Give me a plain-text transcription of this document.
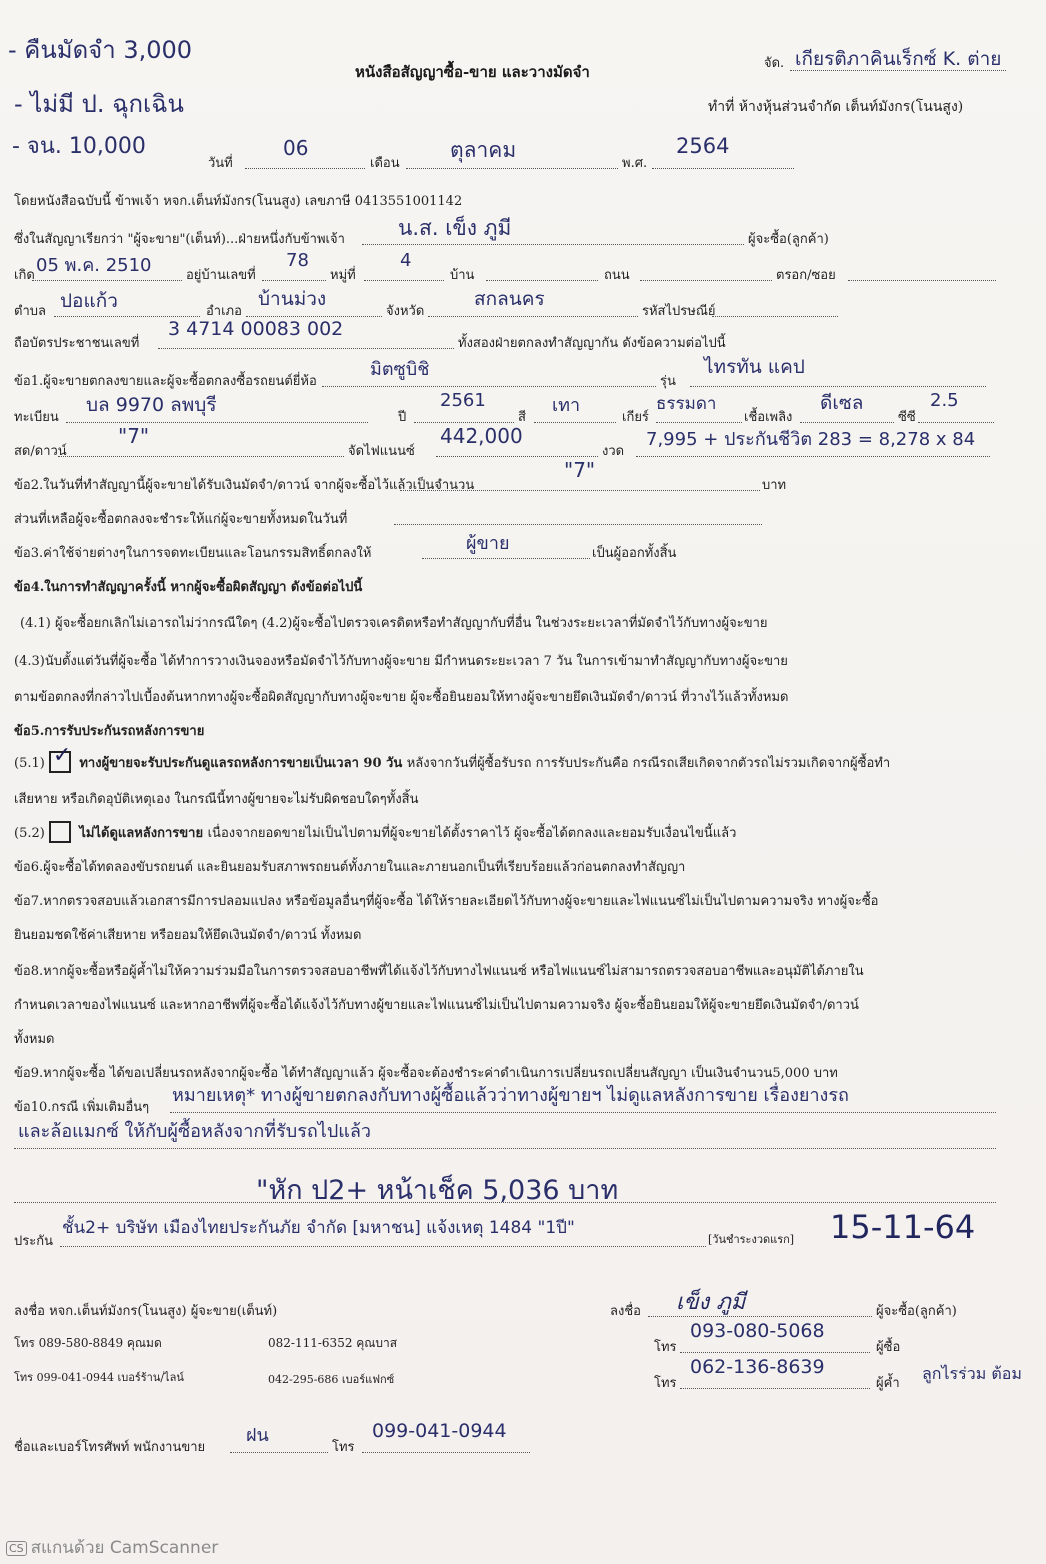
- คืนมัดจำ 3,000
- ไม่มี ป. ฉุกเฉิน
- จน. 10,000
หนังสือสัญญาซื้อ-ขาย และวางมัดจำ	จัด. เกียรติภาคินเร็กซ์ K. ต่าย
ทำที่ ห้างหุ้นส่วนจำกัด เต็นท์มังกร(โนนสูง)
วันที่
06
เดือน
ตุลาคม
พ.ศ.
2564
โดยหนังสือฉบับนี้ ข้าพเจ้า หจก.เต็นท์มังกร(โนนสูง) เลขภาษี 0413551001142
ซึ่งในสัญญาเรียกว่า "ผู้จะขาย"(เต็นท์)...ฝ่ายหนึ่งกับข้าพเจ้า	น.ส. เข็ง ภูมี	ผู้จะซื้อ(ลูกค้า)
เกิด 05 พ.ค. 2510	อยู่บ้านเลขที่
78
หมู่ที่
4
บ้าน	ถนน	ตรอก/ซอย
ตำบล ปอแก้ว	อำเภอ
บ้านม่วง
จังหวัด
สกลนคร
รหัสไปรษณีย์
ถือบัตรประชาชนเลขที่
3 4714 00083 002
ทั้งสองฝ่ายตกลงทำสัญญากัน ดังข้อความต่อไปนี้
ข้อ1.ผู้จะขายตกลงขายและผู้จะซื้อตกลงซื้อรถยนต์ยี่ห้อ
มิตซูบิชิ
รุ่น
ไทรทัน แคป
ทะเบียน
บล 9970 ลพบุรี
ปี
2561
สี
เทา
เกียร์
ธรรมดา
เชื้อเพลิง
ดีเซล
ซีซี
2.5
สด/ดาวน์
"7"
จัดไฟแนนซ์
442,000
งวด
7,995 + ประกันชีวิต 283 = 8,278 x 84
ข้อ2.ในวันที่ทำสัญญานี้ผู้จะขายได้รับเงินมัดจำ/ดาวน์ จากผู้จะซื้อไว้แล้วเป็นจำนวน
"7"
บาท
ส่วนที่เหลือผู้จะซื้อตกลงจะชำระให้แก่ผู้จะขายทั้งหมดในวันที่
ข้อ3.ค่าใช้จ่ายต่างๆในการจดทะเบียนและโอนกรรมสิทธิ์ตกลงให้	ผู้ขาย	เป็นผู้ออกทั้งสิ้น
ข้อ4.ในการทำสัญญาครั้งนี้ หากผู้จะซื้อผิดสัญญา ดังข้อต่อไปนี้
(4.1) ผู้จะซื้อยกเลิกไม่เอารถไม่ว่ากรณีใดๆ (4.2)ผู้จะซื้อไปตรวจเครดิตหรือทำสัญญากับที่อื่น ในช่วงระยะเวลาที่มัดจำไว้กับทางผู้จะขาย
(4.3)นับตั้งแต่วันที่ผู้จะซื้อ ได้ทำการวางเงินจองหรือมัดจำไว้กับทางผู้จะขาย มีกำหนดระยะเวลา 7 วัน ในการเข้ามาทำสัญญากับทางผู้จะขาย
ตามข้อตกลงที่กล่าวไปเบื้องต้นหากทางผู้จะซื้อผิดสัญญากับทางผู้จะขาย ผู้จะซื้อยินยอมให้ทางผู้จะขายยึดเงินมัดจำ/ดาวน์ ที่วางไว้แล้วทั้งหมด
ข้อ5.การรับประกันรถหลังการขาย
(5.1) ✓ ทางผู้ขายจะรับประกันดูแลรถหลังการขายเป็นเวลา 90 วัน หลังจากวันที่ผู้ซื้อรับรถ การรับประกันคือ กรณีรถเสียเกิดจากตัวรถไม่รวมเกิดจากผู้ซื้อทำ
เสียหาย หรือเกิดอุบัติเหตุเอง ในกรณีนี้ทางผู้ขายจะไม่รับผิดชอบใดๆทั้งสิ้น
(5.2) ไม่ได้ดูแลหลังการขาย เนื่องจากยอดขายไม่เป็นไปตามที่ผู้จะขายได้ตั้งราคาไว้ ผู้จะซื้อได้ตกลงและยอมรับเงื่อนไขนี้แล้ว
ข้อ6.ผู้จะซื้อได้ทดลองขับรถยนต์ และยินยอมรับสภาพรถยนต์ทั้งภายในและภายนอกเป็นที่เรียบร้อยแล้วก่อนตกลงทำสัญญา
ข้อ7.หากตรวจสอบแล้วเอกสารมีการปลอมแปลง หรือข้อมูลอื่นๆที่ผู้จะซื้อ ได้ให้รายละเอียดไว้กับทางผู้จะขายและไฟแนนซ์ไม่เป็นไปตามความจริง ทางผู้จะซื้อ
ยินยอมชดใช้ค่าเสียหาย หรือยอมให้ยึดเงินมัดจำ/ดาวน์ ทั้งหมด
ข้อ8.หากผู้จะซื้อหรือผู้ค้ำไม่ให้ความร่วมมือในการตรวจสอบอาชีพที่ได้แจ้งไว้กับทางไฟแนนซ์ หรือไฟแนนซ์ไม่สามารถตรวจสอบอาชีพและอนุมัติได้ภายใน
กำหนดเวลาของไฟแนนซ์ และหากอาชีพที่ผู้จะซื้อได้แจ้งไว้กับทางผู้ขายและไฟแนนซ์ไม่เป็นไปตามความจริง ผู้จะซื้อยินยอมให้ผู้จะขายยึดเงินมัดจำ/ดาวน์
ทั้งหมด
ข้อ9.หากผู้จะซื้อ ได้ขอเปลี่ยนรถหลังจากผู้จะซื้อ ได้ทำสัญญาแล้ว ผู้จะซื้อจะต้องชำระค่าดำเนินการเปลี่ยนรถเปลี่ยนสัญญา เป็นเงินจำนวน5,000 บาท
ข้อ10.กรณี เพิ่มเติมอื่นๆ
หมายเหตุ* ทางผู้ขายตกลงกับทางผู้ซื้อแล้วว่าทางผู้ขายฯ ไม่ดูแลหลังการขาย เรื่องยางรถ
และล้อแมกซ์ ให้กับผู้ซื้อหลังจากที่รับรถไปแล้ว
"หัก ป2+ หน้าเช็ค 5,036 บาท
ประกัน
ชั้น2+ บริษัท เมืองไทยประกันภัย จำกัด [มหาชน] แจ้งเหตุ 1484 "1ปี"
[วันชำระงวดแรก] 15-11-64
ลงชื่อ หจก.เต็นท์มังกร(โนนสูง) ผู้จะขาย(เต็นท์)	ลงชื่อ เข็ง ภูมี	ผู้จะซื้อ(ลูกค้า)
โทร 089-580-8849 คุณมด	082-111-6352 คุณบาส
โทร 099-041-0944 เบอร์ร้าน/ไลน์	042-295-686 เบอร์แฟกซ์
โทร
093-080-5068
ผู้ซื้อ
โทร
062-136-8639
ผู้ค้ำ
ลูกไรร่วม ต้อม
ชื่อและเบอร์โทรศัพท์ พนักงานขาย
ฝน
โทร
099-041-0944
CS สแกนด้วย CamScanner
